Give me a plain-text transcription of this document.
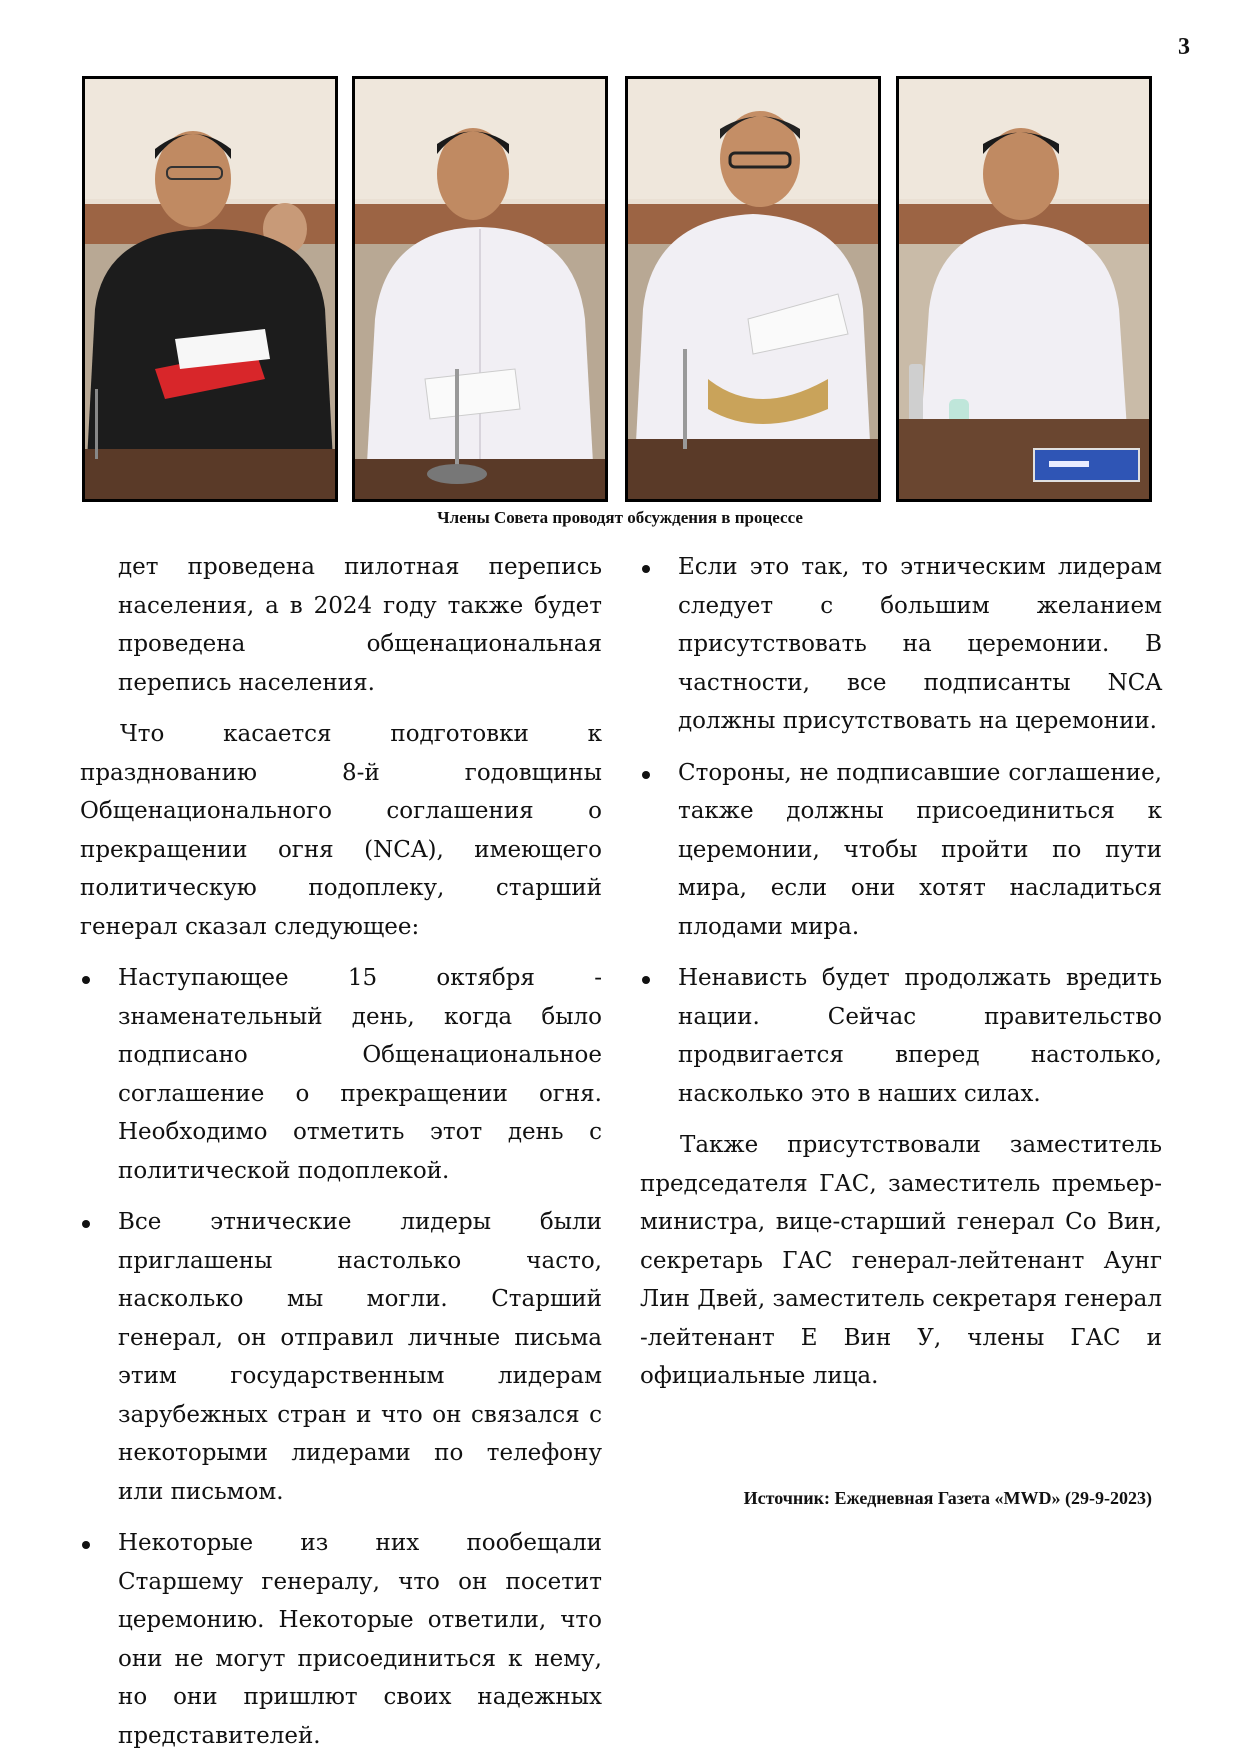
3
Члены Совета проводят обсуждения в процессе

дет проведена пилотная перепись населения, а в 2024 году также будет проведена общенациональная перепись населения.

Что касается подготовки к празднованию 8-й годовщины Общенационального соглашения о прекращении огня (NCA), имеющего политическую подоплеку, старший генерал сказал следующее:

Наступающее 15 октября - знаменательный день, когда было подписано Общенациональное соглашение о прекращении огня. Необходимо отметить этот день с политической подоплекой.

Все этнические лидеры были приглашены настолько часто, насколько мы могли. Старший генерал, он отправил личные письма этим государственным лидерам зарубежных стран и что он связался с некоторыми лидерами по телефону или письмом.

Некоторые из них пообещали Старшему генералу, что он посетит церемонию. Некоторые ответили, что они не могут присоединиться к нему, но они пришлют своих надежных представителей.

Если это так, то этническим лидерам следует с большим желанием присутствовать на церемонии. В частности, все подписанты NCA должны присутствовать на церемонии.

Стороны, не подписавшие соглашение, также должны присоединиться к церемонии, чтобы пройти по пути мира, если они хотят насладиться плодами мира.

Ненависть будет продолжать вредить нации. Сейчас правительство продвигается вперед настолько, насколько это в наших силах.

Также присутствовали заместитель председателя ГАС, заместитель премьер-министра, вице-старший генерал Со Вин, секретарь ГАС генерал-лейтенант Аунг Лин Двей, заместитель секретаря генерал -лейтенант Е Вин У, члены ГАС и официальные лица.

Источник: Ежедневная Газета «MWD» (29-9-2023)
